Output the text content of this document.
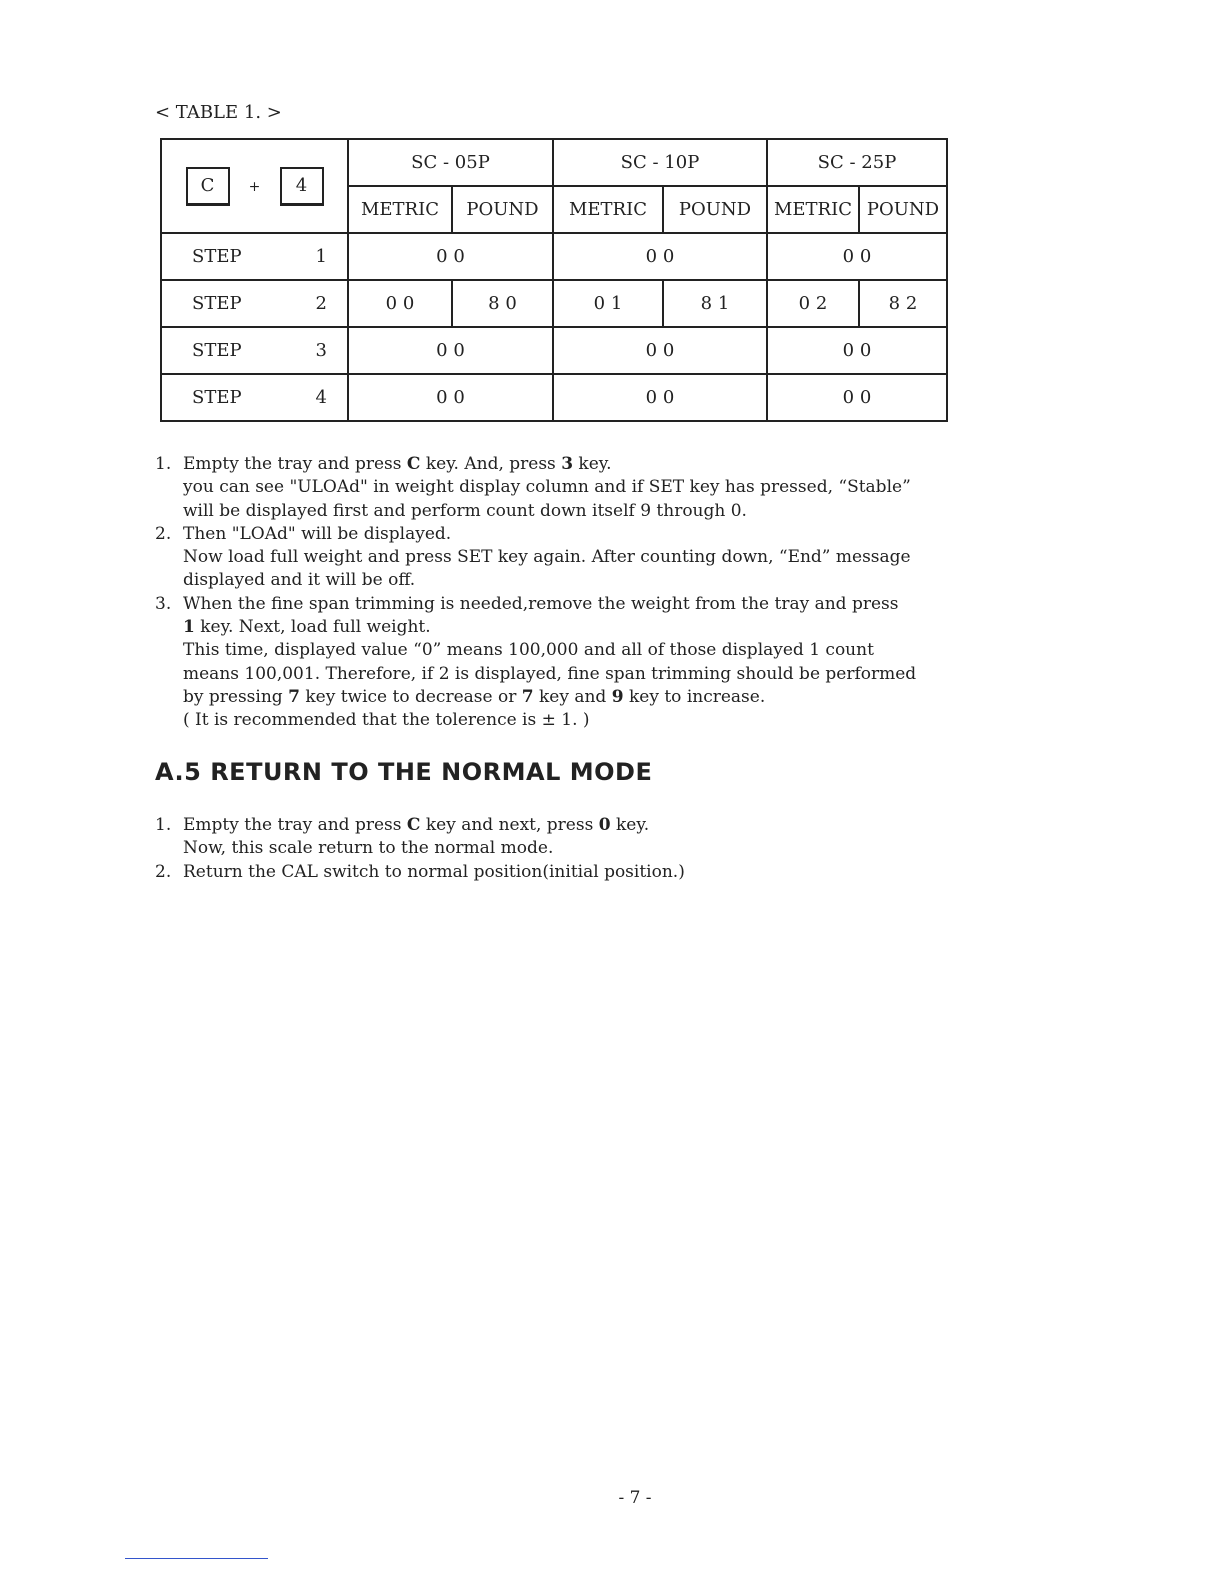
< TABLE 1. >
C + 4	SC - 05P		SC - 10P		SC - 25P	
	METRIC	POUND	METRIC	POUND	METRIC	POUND
STEP 1	0 0		0 0		0 0	
STEP 2	0 0	8 0	0 1	8 1	0 2	8 2
STEP 3	0 0		0 0		0 0	
STEP 4	0 0		0 0		0 0	
1. Empty the tray and press C key. And, press 3 key.
you can see "ULOAd" in weight display column and if SET key has pressed, “Stable”
will be displayed first and perform count down itself 9 through 0.
2. Then "LOAd" will be displayed.
Now load full weight and press SET key again. After counting down, “End” message
displayed and it will be off.
3. When the fine span trimming is needed,remove the weight from the tray and press
1 key. Next, load full weight.
This time, displayed value “0” means 100,000 and all of those displayed 1 count
means 100,001. Therefore, if 2 is displayed, fine span trimming should be performed
by pressing 7 key twice to decrease or 7 key and 9 key to increase.
( It is recommended that the tolerence is ± 1. )
A.5 RETURN TO THE NORMAL MODE
1. Empty the tray and press C key and next, press 0 key.
Now, this scale return to the normal mode.
2. Return the CAL switch to normal position(initial position.)
- 7 -
